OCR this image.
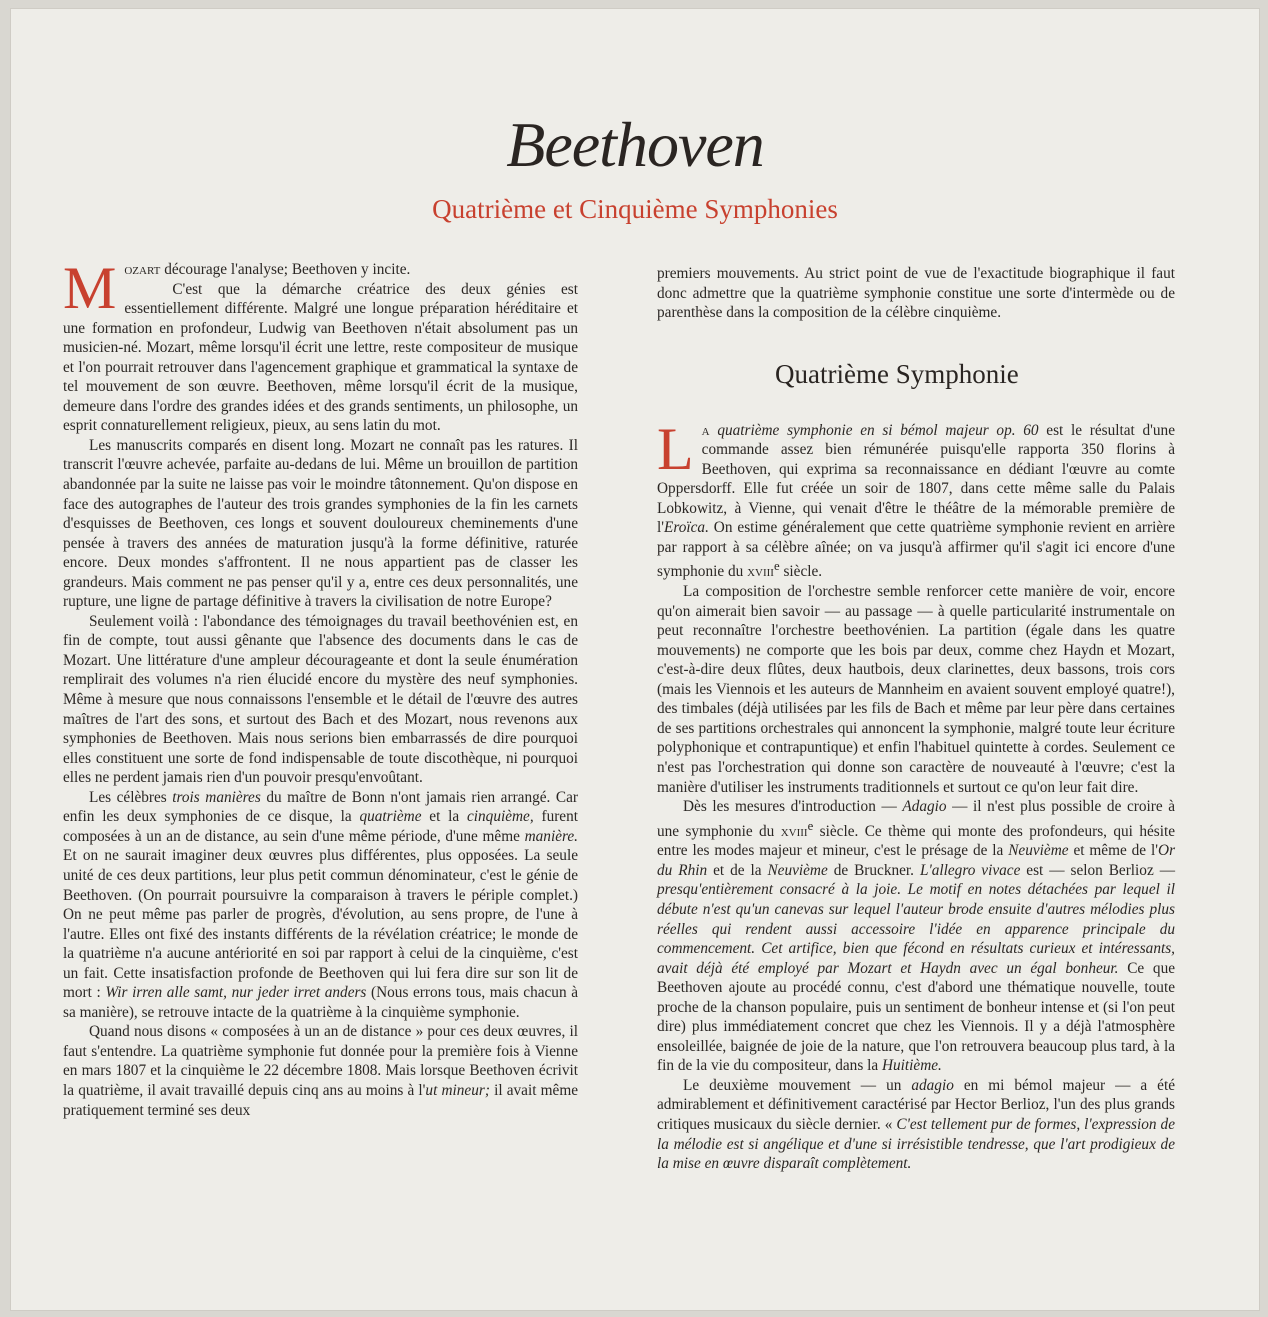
Beethoven
Quatrième et Cinquième Symphonies

Mozart décourage l'analyse; Beethoven y incite.
C'est que la démarche créatrice des deux génies est essentiellement différente. Malgré une longue préparation héréditaire et une formation en profondeur, Ludwig van Beethoven n'était absolument pas un musicien-né. Mozart, même lorsqu'il écrit une lettre, reste compositeur de musique et l'on pourrait retrouver dans l'agencement graphique et grammatical la syntaxe de tel mouvement de son œuvre. Beethoven, même lorsqu'il écrit de la musique, demeure dans l'ordre des grandes idées et des grands sentiments, un philosophe, un esprit connaturellement religieux, pieux, au sens latin du mot.

Les manuscrits comparés en disent long. Mozart ne connaît pas les ratures. Il transcrit l'œuvre achevée, parfaite au-dedans de lui. Même un brouillon de partition abandonnée par la suite ne laisse pas voir le moindre tâtonnement. Qu'on dispose en face des autographes de l'auteur des trois grandes symphonies de la fin les carnets d'esquisses de Beethoven, ces longs et souvent douloureux cheminements d'une pensée à travers des années de maturation jusqu'à la forme définitive, raturée encore. Deux mondes s'affrontent. Il ne nous appartient pas de classer les grandeurs. Mais comment ne pas penser qu'il y a, entre ces deux personnalités, une rupture, une ligne de partage définitive à travers la civilisation de notre Europe?

Seulement voilà : l'abondance des témoignages du travail beethovénien est, en fin de compte, tout aussi gênante que l'absence des documents dans le cas de Mozart. Une littérature d'une ampleur décourageante et dont la seule énumération remplirait des volumes n'a rien élucidé encore du mystère des neuf symphonies. Même à mesure que nous connaissons l'ensemble et le détail de l'œuvre des autres maîtres de l'art des sons, et surtout des Bach et des Mozart, nous revenons aux symphonies de Beethoven. Mais nous serions bien embarrassés de dire pourquoi elles constituent une sorte de fond indispensable de toute discothèque, ni pourquoi elles ne perdent jamais rien d'un pouvoir presqu'envoûtant.

Les célèbres trois manières du maître de Bonn n'ont jamais rien arrangé. Car enfin les deux symphonies de ce disque, la quatrième et la cinquième, furent composées à un an de distance, au sein d'une même période, d'une même manière. Et on ne saurait imaginer deux œuvres plus différentes, plus opposées. La seule unité de ces deux partitions, leur plus petit commun dénominateur, c'est le génie de Beethoven. (On pourrait poursuivre la comparaison à travers le périple complet.) On ne peut même pas parler de progrès, d'évolution, au sens propre, de l'une à l'autre. Elles ont fixé des instants différents de la révélation créatrice; le monde de la quatrième n'a aucune antériorité en soi par rapport à celui de la cinquième, c'est un fait. Cette insatisfaction profonde de Beethoven qui lui fera dire sur son lit de mort : Wir irren alle samt, nur jeder irret anders (Nous errons tous, mais chacun à sa manière), se retrouve intacte de la quatrième à la cinquième symphonie.

Quand nous disons « composées à un an de distance » pour ces deux œuvres, il faut s'entendre. La quatrième symphonie fut donnée pour la première fois à Vienne en mars 1807 et la cinquième le 22 décembre 1808. Mais lorsque Beethoven écrivit la quatrième, il avait travaillé depuis cinq ans au moins à l'ut mineur; il avait même pratiquement terminé ses deux

premiers mouvements. Au strict point de vue de l'exactitude biographique il faut donc admettre que la quatrième symphonie constitue une sorte d'intermède ou de parenthèse dans la composition de la célèbre cinquième.

Quatrième Symphonie

La quatrième symphonie en si bémol majeur op. 60 est le résultat d'une commande assez bien rémunérée puisqu'elle rapporta 350 florins à Beethoven, qui exprima sa reconnaissance en dédiant l'œuvre au comte Oppersdorff. Elle fut créée un soir de 1807, dans cette même salle du Palais Lobkowitz, à Vienne, qui venait d'être le théâtre de la mémorable première de l'Eroïca. On estime généralement que cette quatrième symphonie revient en arrière par rapport à sa célèbre aînée; on va jusqu'à affirmer qu'il s'agit ici encore d'une symphonie du xviii$^e$ siècle.

La composition de l'orchestre semble renforcer cette manière de voir, encore qu'on aimerait bien savoir — au passage — à quelle particularité instrumentale on peut reconnaître l'orchestre beethovénien. La partition (égale dans les quatre mouvements) ne comporte que les bois par deux, comme chez Haydn et Mozart, c'est-à-dire deux flûtes, deux hautbois, deux clarinettes, deux bassons, trois cors (mais les Viennois et les auteurs de Mannheim en avaient souvent employé quatre!), des timbales (déjà utilisées par les fils de Bach et même par leur père dans certaines de ses partitions orchestrales qui annoncent la symphonie, malgré toute leur écriture polyphonique et contrapuntique) et enfin l'habituel quintette à cordes. Seulement ce n'est pas l'orchestration qui donne son caractère de nouveauté à l'œuvre; c'est la manière d'utiliser les instruments traditionnels et surtout ce qu'on leur fait dire.

Dès les mesures d'introduction — Adagio — il n'est plus possible de croire à une symphonie du xviii$^e$ siècle. Ce thème qui monte des profondeurs, qui hésite entre les modes majeur et mineur, c'est le présage de la Neuvième et même de l'Or du Rhin et de la Neuvième de Bruckner. L'allegro vivace est — selon Berlioz — presqu'entièrement consacré à la joie. Le motif en notes détachées par lequel il débute n'est qu'un canevas sur lequel l'auteur brode ensuite d'autres mélodies plus réelles qui rendent aussi accessoire l'idée en apparence principale du commencement. Cet artifice, bien que fécond en résultats curieux et intéressants, avait déjà été employé par Mozart et Haydn avec un égal bonheur. Ce que Beethoven ajoute au procédé connu, c'est d'abord une thématique nouvelle, toute proche de la chanson populaire, puis un sentiment de bonheur intense et (si l'on peut dire) plus immédiatement concret que chez les Viennois. Il y a déjà l'atmosphère ensoleillée, baignée de joie de la nature, que l'on retrouvera beaucoup plus tard, à la fin de la vie du compositeur, dans la Huitième.

Le deuxième mouvement — un adagio en mi bémol majeur — a été admirablement et définitivement caractérisé par Hector Berlioz, l'un des plus grands critiques musicaux du siècle dernier. « C'est tellement pur de formes, l'expression de la mélodie est si angélique et d'une si irrésistible tendresse, que l'art prodigieux de la mise en œuvre disparaît complètement.
